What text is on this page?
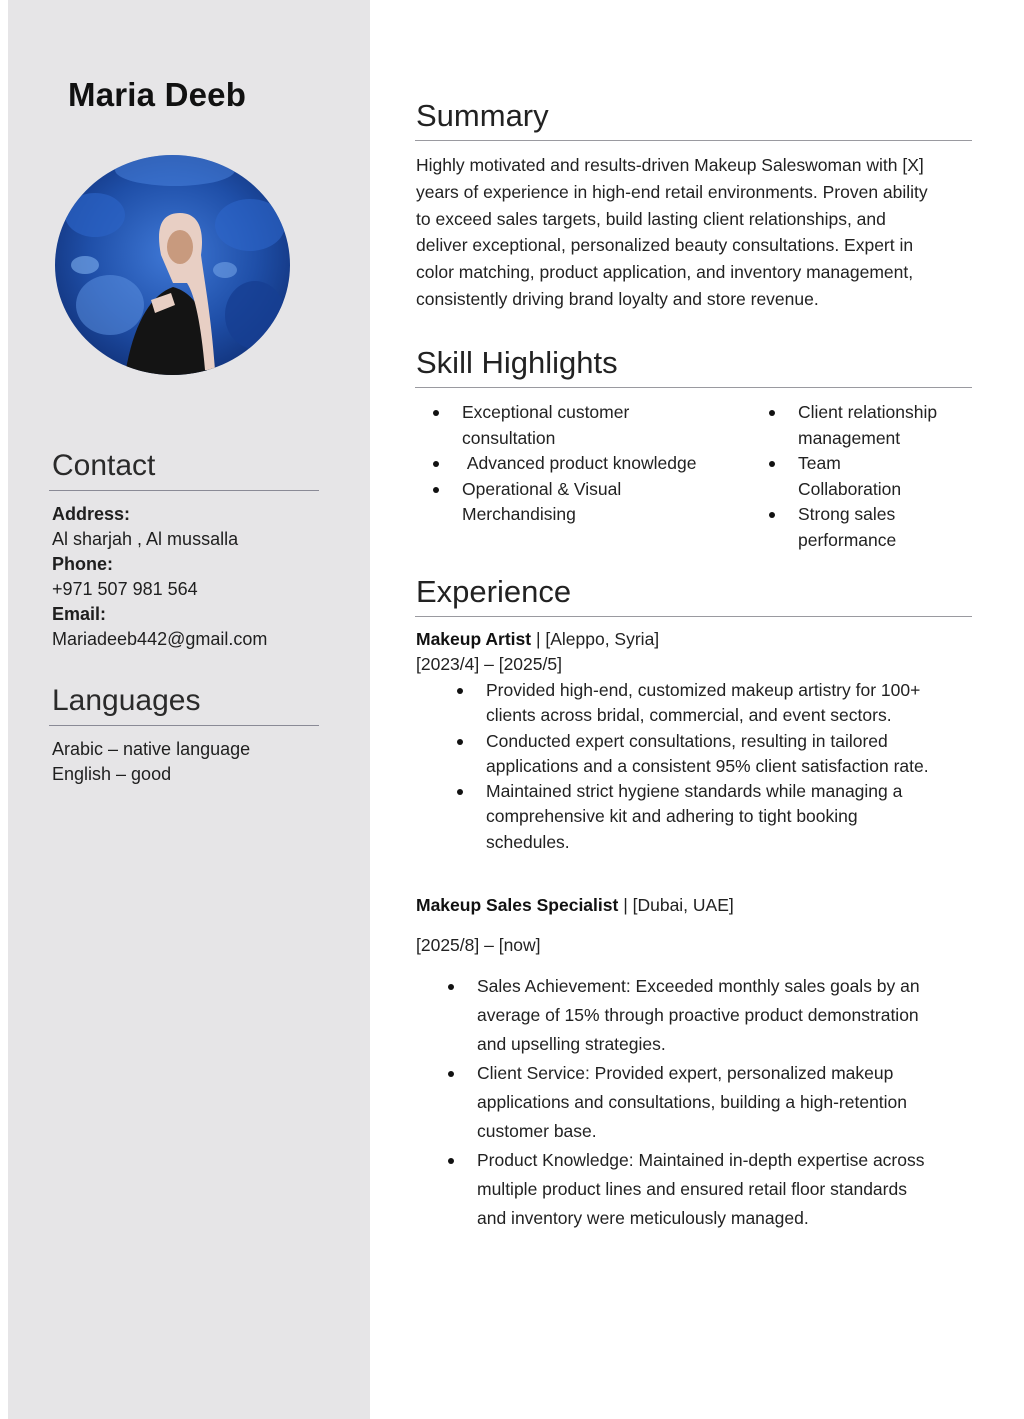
Maria Deeb
Contact
Address:
Al sharjah , Al mussalla
Phone:
+971 507 981 564
Email:
Mariadeeb442@gmail.com
Languages
Arabic – native language
English – good
Summary
Highly motivated and results-driven Makeup Saleswoman with [X]
years of experience in high-end retail environments. Proven ability
to exceed sales targets, build lasting client relationships, and
deliver exceptional, personalized beauty consultations. Expert in
color matching, product application, and inventory management,
consistently driving brand loyalty and store revenue.
Skill Highlights
Exceptional customer
consultation
Advanced product knowledge
Operational & Visual
Merchandising
Client relationship
management
Team
Collaboration
Strong sales
performance
Experience
Makeup Artist | [Aleppo, Syria]
[2023/4] – [2025/5]
Provided high-end, customized makeup artistry for 100+
clients across bridal, commercial, and event sectors.
Conducted expert consultations, resulting in tailored
applications and a consistent 95% client satisfaction rate.
Maintained strict hygiene standards while managing a
comprehensive kit and adhering to tight booking
schedules.
Makeup Sales Specialist | [Dubai, UAE]
[2025/8] – [now]
Sales Achievement: Exceeded monthly sales goals by an
average of 15% through proactive product demonstration
and upselling strategies.
Client Service: Provided expert, personalized makeup
applications and consultations, building a high-retention
customer base.
Product Knowledge: Maintained in-depth expertise across
multiple product lines and ensured retail floor standards
and inventory were meticulously managed.
